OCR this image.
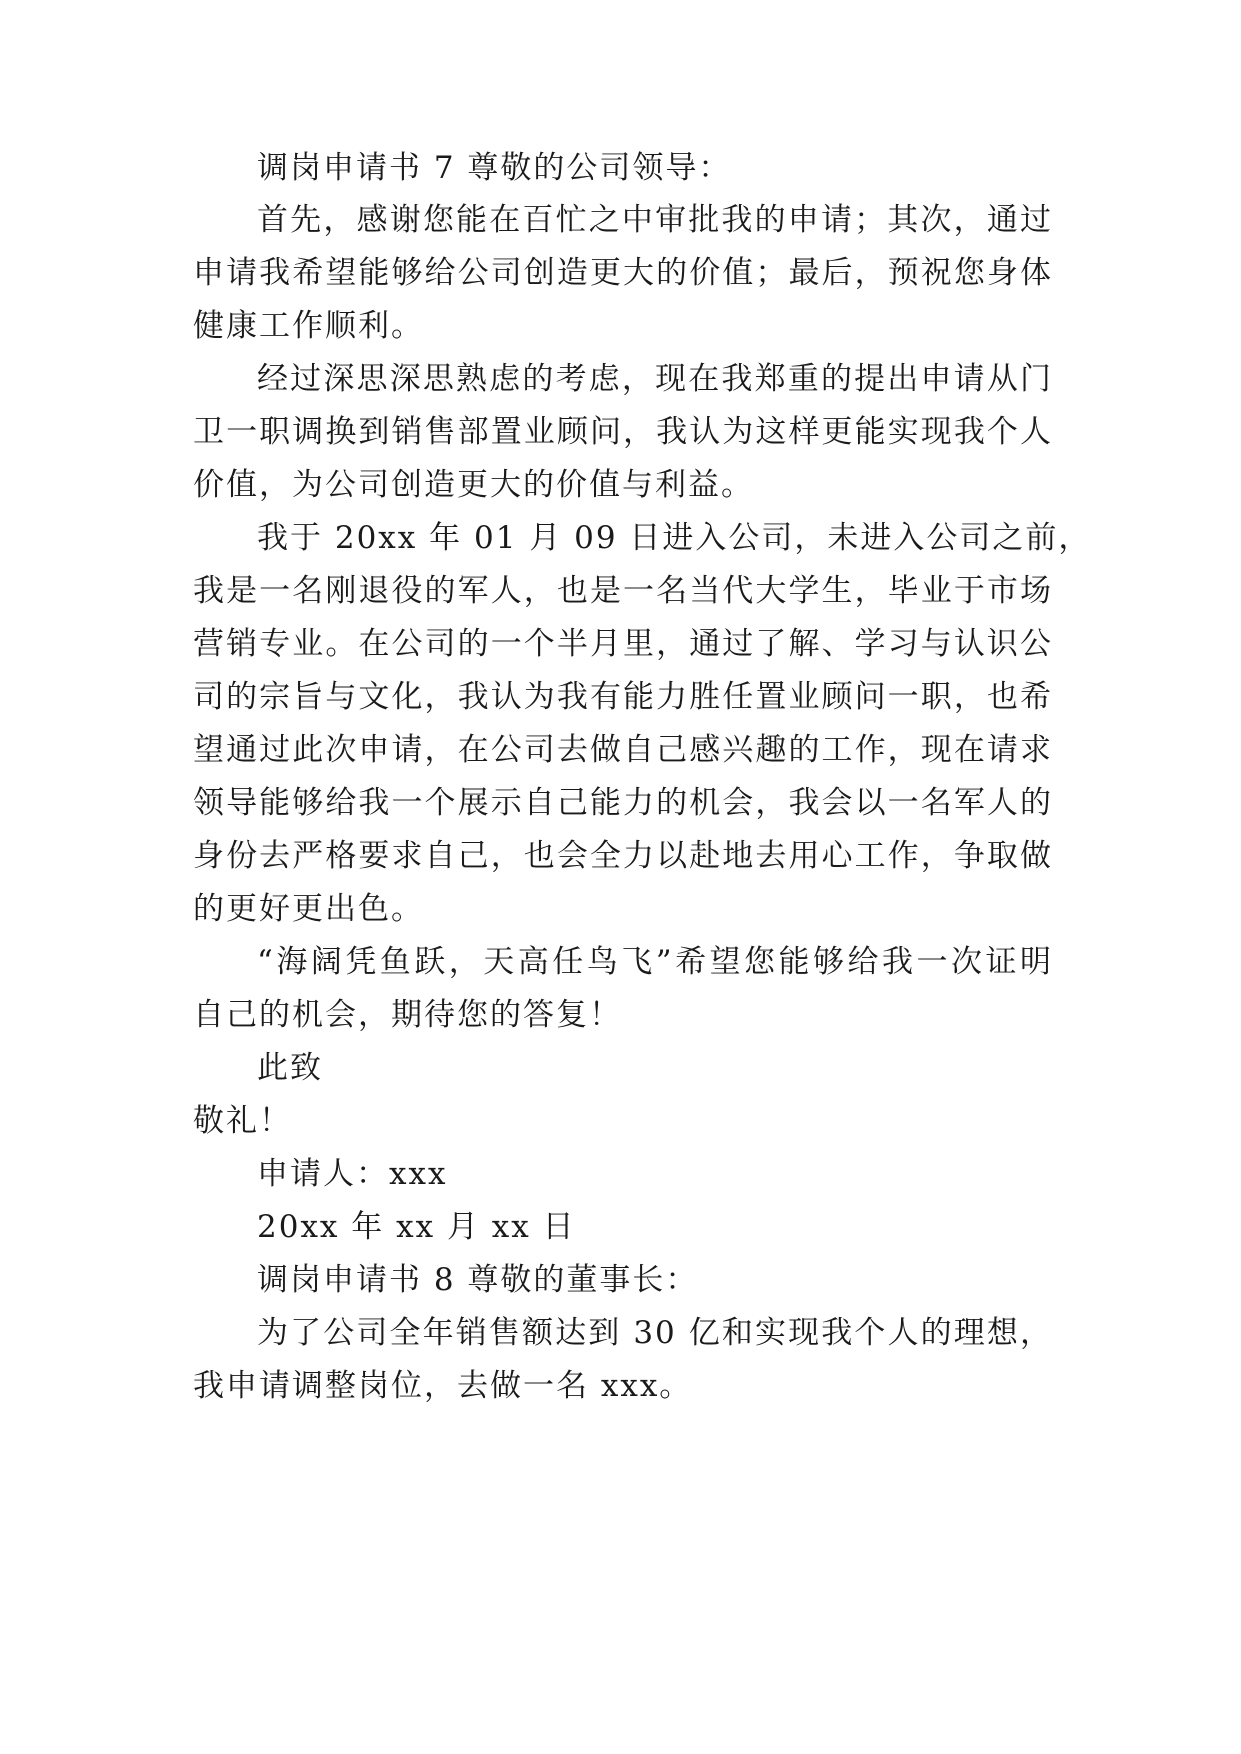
调岗申请书 7 尊敬的公司领导：
首先，感谢您能在百忙之中审批我的申请；其次，通过
申请我希望能够给公司创造更大的价值；最后，预祝您身体
健康工作顺利。
经过深思深思熟虑的考虑，现在我郑重的提出申请从门
卫一职调换到销售部置业顾问，我认为这样更能实现我个人
价值，为公司创造更大的价值与利益。
我于 20xx 年 01 月 09 日进入公司，未进入公司之前，
我是一名刚退役的军人，也是一名当代大学生，毕业于市场
营销专业。在公司的一个半月里，通过了解、学习与认识公
司的宗旨与文化，我认为我有能力胜任置业顾问一职，也希
望通过此次申请，在公司去做自己感兴趣的工作，现在请求
领导能够给我一个展示自己能力的机会，我会以一名军人的
身份去严格要求自己，也会全力以赴地去用心工作，争取做
的更好更出色。
“海阔凭鱼跃，天高任鸟飞”希望您能够给我一次证明
自己的机会，期待您的答复！
此致
敬礼！
申请人：xxx
20xx 年 xx 月 xx 日
调岗申请书 8 尊敬的董事长：
为了公司全年销售额达到 30 亿和实现我个人的理想，
我申请调整岗位，去做一名 xxx。
